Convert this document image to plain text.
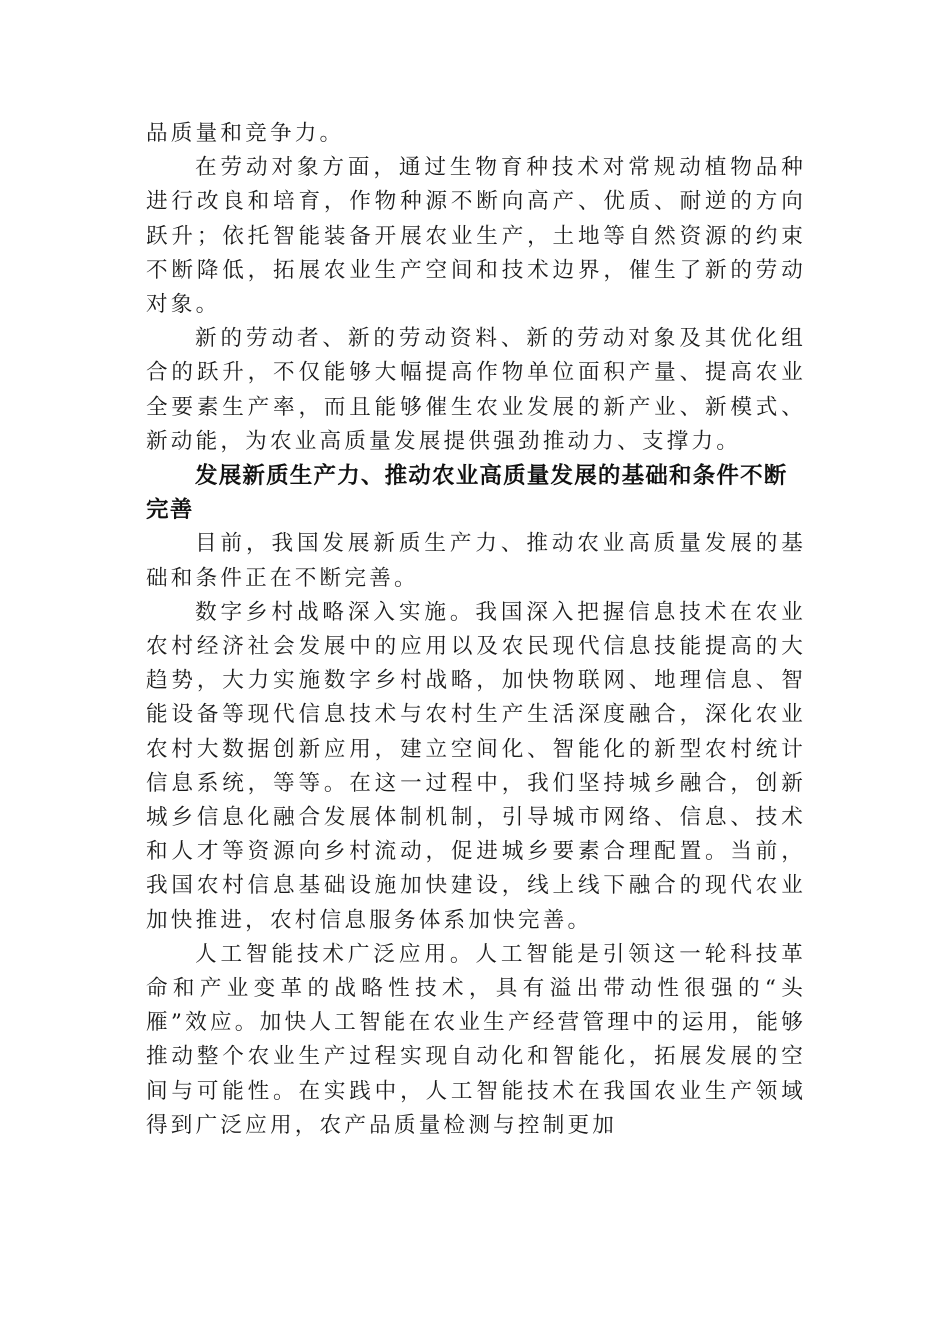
品质量和竞争力。

在劳动对象方面，通过生物育种技术对常规动植物品种进行改良和培育，作物种源不断向高产、优质、耐逆的方向跃升；依托智能装备开展农业生产，土地等自然资源的约束不断降低，拓展农业生产空间和技术边界，催生了新的劳动对象。

新的劳动者、新的劳动资料、新的劳动对象及其优化组合的跃升，不仅能够大幅提高作物单位面积产量、提高农业全要素生产率，而且能够催生农业发展的新产业、新模式、新动能，为农业高质量发展提供强劲推动力、支撑力。

发展新质生产力、推动农业高质量发展的基础和条件不断完善

目前，我国发展新质生产力、推动农业高质量发展的基础和条件正在不断完善。

数字乡村战略深入实施。我国深入把握信息技术在农业农村经济社会发展中的应用以及农民现代信息技能提高的大趋势，大力实施数字乡村战略，加快物联网、地理信息、智能设备等现代信息技术与农村生产生活深度融合，深化农业农村大数据创新应用，建立空间化、智能化的新型农村统计信息系统，等等。在这一过程中，我们坚持城乡融合，创新城乡信息化融合发展体制机制，引导城市网络、信息、技术和人才等资源向乡村流动，促进城乡要素合理配置。当前，我国农村信息基础设施加快建设，线上线下融合的现代农业加快推进，农村信息服务体系加快完善。

人工智能技术广泛应用。人工智能是引领这一轮科技革命和产业变革的战略性技术，具有溢出带动性很强的“头雁”效应。加快人工智能在农业生产经营管理中的运用，能够推动整个农业生产过程实现自动化和智能化，拓展发展的空间与可能性。在实践中，人工智能技术在我国农业生产领域得到广泛应用，农产品质量检测与控制更加
